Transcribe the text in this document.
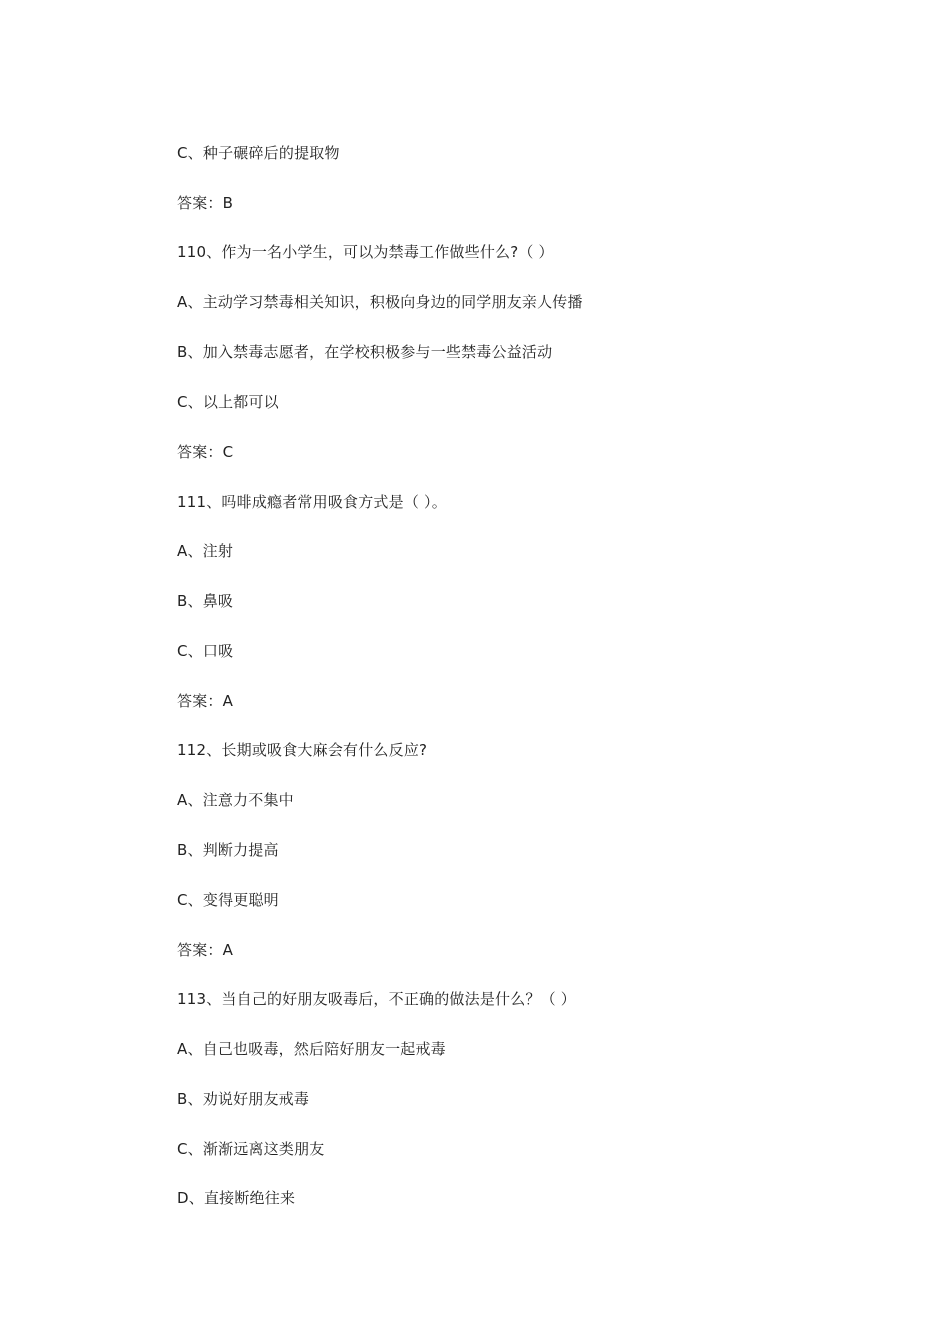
C、种子碾碎后的提取物
答案：B
110、作为一名小学生，可以为禁毒工作做些什么?（ ）
A、主动学习禁毒相关知识，积极向身边的同学朋友亲人传播
B、加入禁毒志愿者，在学校积极参与一些禁毒公益活动
C、以上都可以
答案：C
111、吗啡成瘾者常用吸食方式是（ ）。
A、注射
B、鼻吸
C、口吸
答案：A
112、长期或吸食大麻会有什么反应?
A、注意力不集中
B、判断力提高
C、变得更聪明
答案：A
113、当自己的好朋友吸毒后，不正确的做法是什么？（ ）
A、自己也吸毒，然后陪好朋友一起戒毒
B、劝说好朋友戒毒
C、渐渐远离这类朋友
D、直接断绝往来
